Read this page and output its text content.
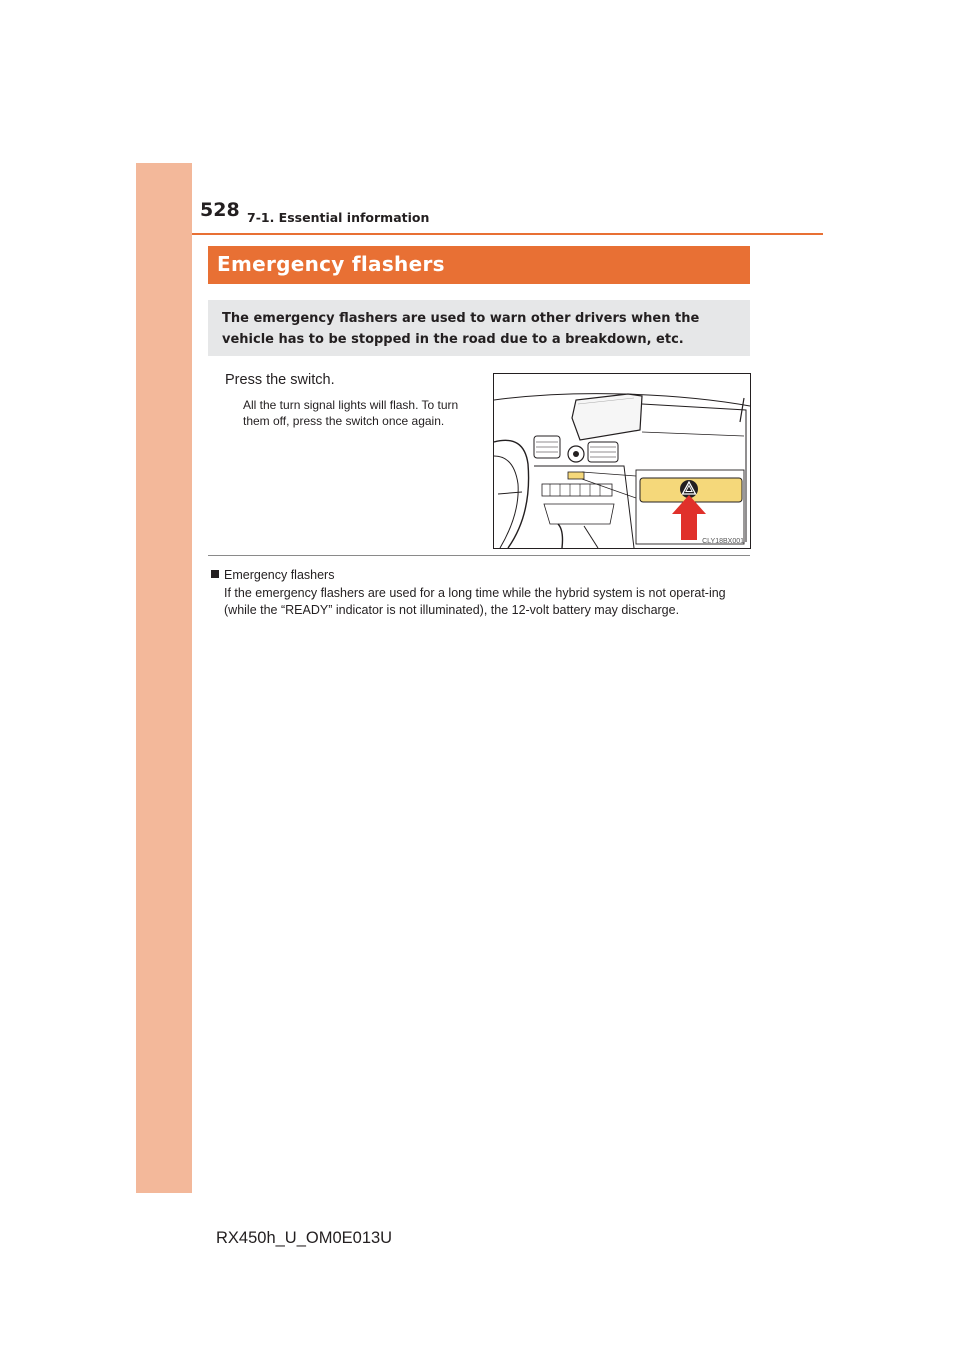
528 7-1. Essential information
Emergency flashers
The emergency flashers are used to warn other drivers when the vehicle has to be stopped in the road due to a breakdown, etc.
Press the switch.
All the turn signal lights will flash. To turn them off, press the switch once again.
CLY18BX001
Emergency flashers
If the emergency flashers are used for a long time while the hybrid system is not operat-ing (while the “READY” indicator is not illuminated), the 12-volt battery may discharge.
RX450h_U_OM0E013U
